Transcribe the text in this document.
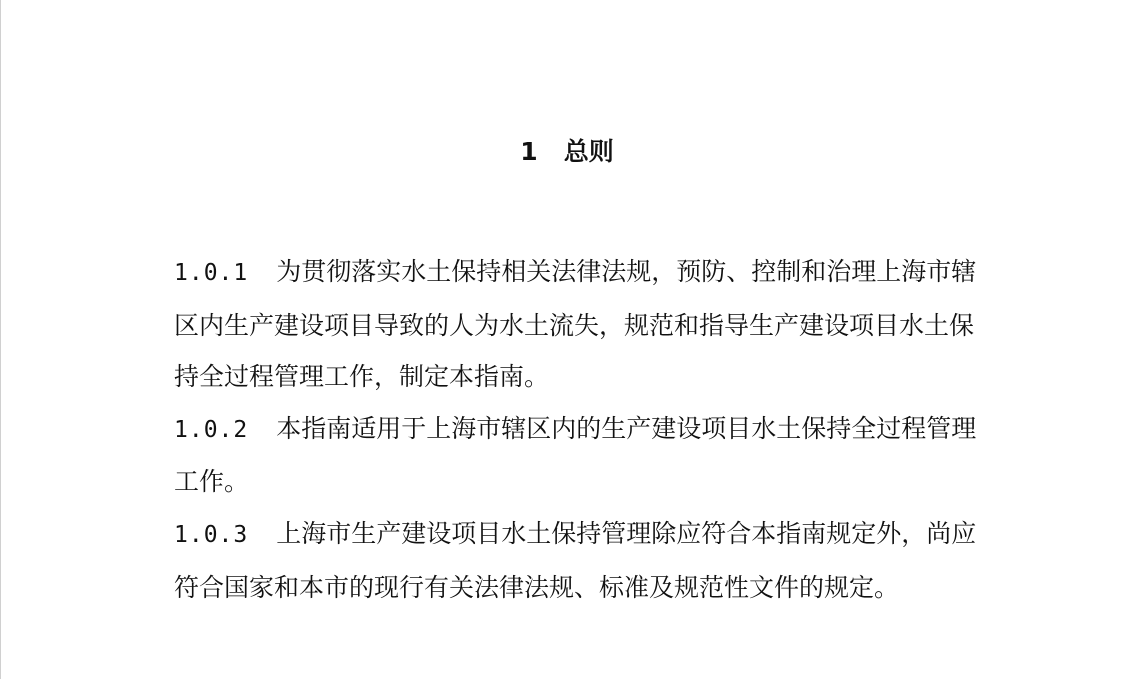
1 总则

1.0.1 为贯彻落实水土保持相关法律法规，预防、控制和治理上海市辖区内生产建设项目导致的人为水土流失，规范和指导生产建设项目水土保持全过程管理工作，制定本指南。

1.0.2 本指南适用于上海市辖区内的生产建设项目水土保持全过程管理工作。

1.0.3 上海市生产建设项目水土保持管理除应符合本指南规定外，尚应符合国家和本市的现行有关法律法规、标准及规范性文件的规定。
